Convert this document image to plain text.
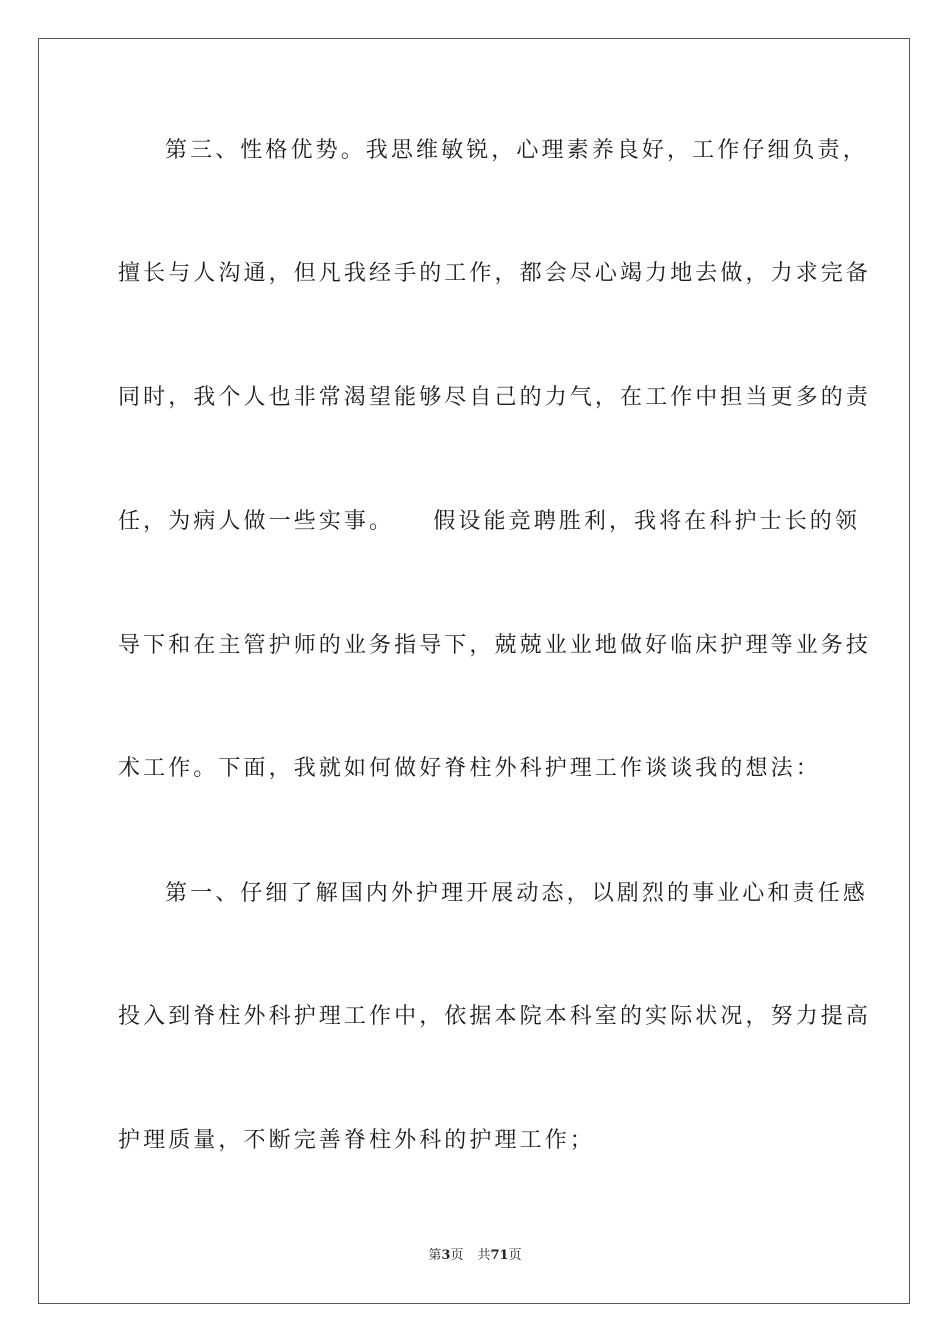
第三、性格优势。我思维敏锐，心理素养良好，工作仔细负责，
擅长与人沟通，但凡我经手的工作，都会尽心竭力地去做，力求完备
同时，我个人也非常渴望能够尽自己的力气，在工作中担当更多的责
任，为病人做一些实事。　　假设能竞聘胜利，我将在科护士长的领
导下和在主管护师的业务指导下，兢兢业业地做好临床护理等业务技
术工作。下面，我就如何做好脊柱外科护理工作谈谈我的想法：
第一、仔细了解国内外护理开展动态，以剧烈的事业心和责任感
投入到脊柱外科护理工作中，依据本院本科室的实际状况，努力提高
护理质量，不断完善脊柱外科的护理工作；
第3页 共71页
